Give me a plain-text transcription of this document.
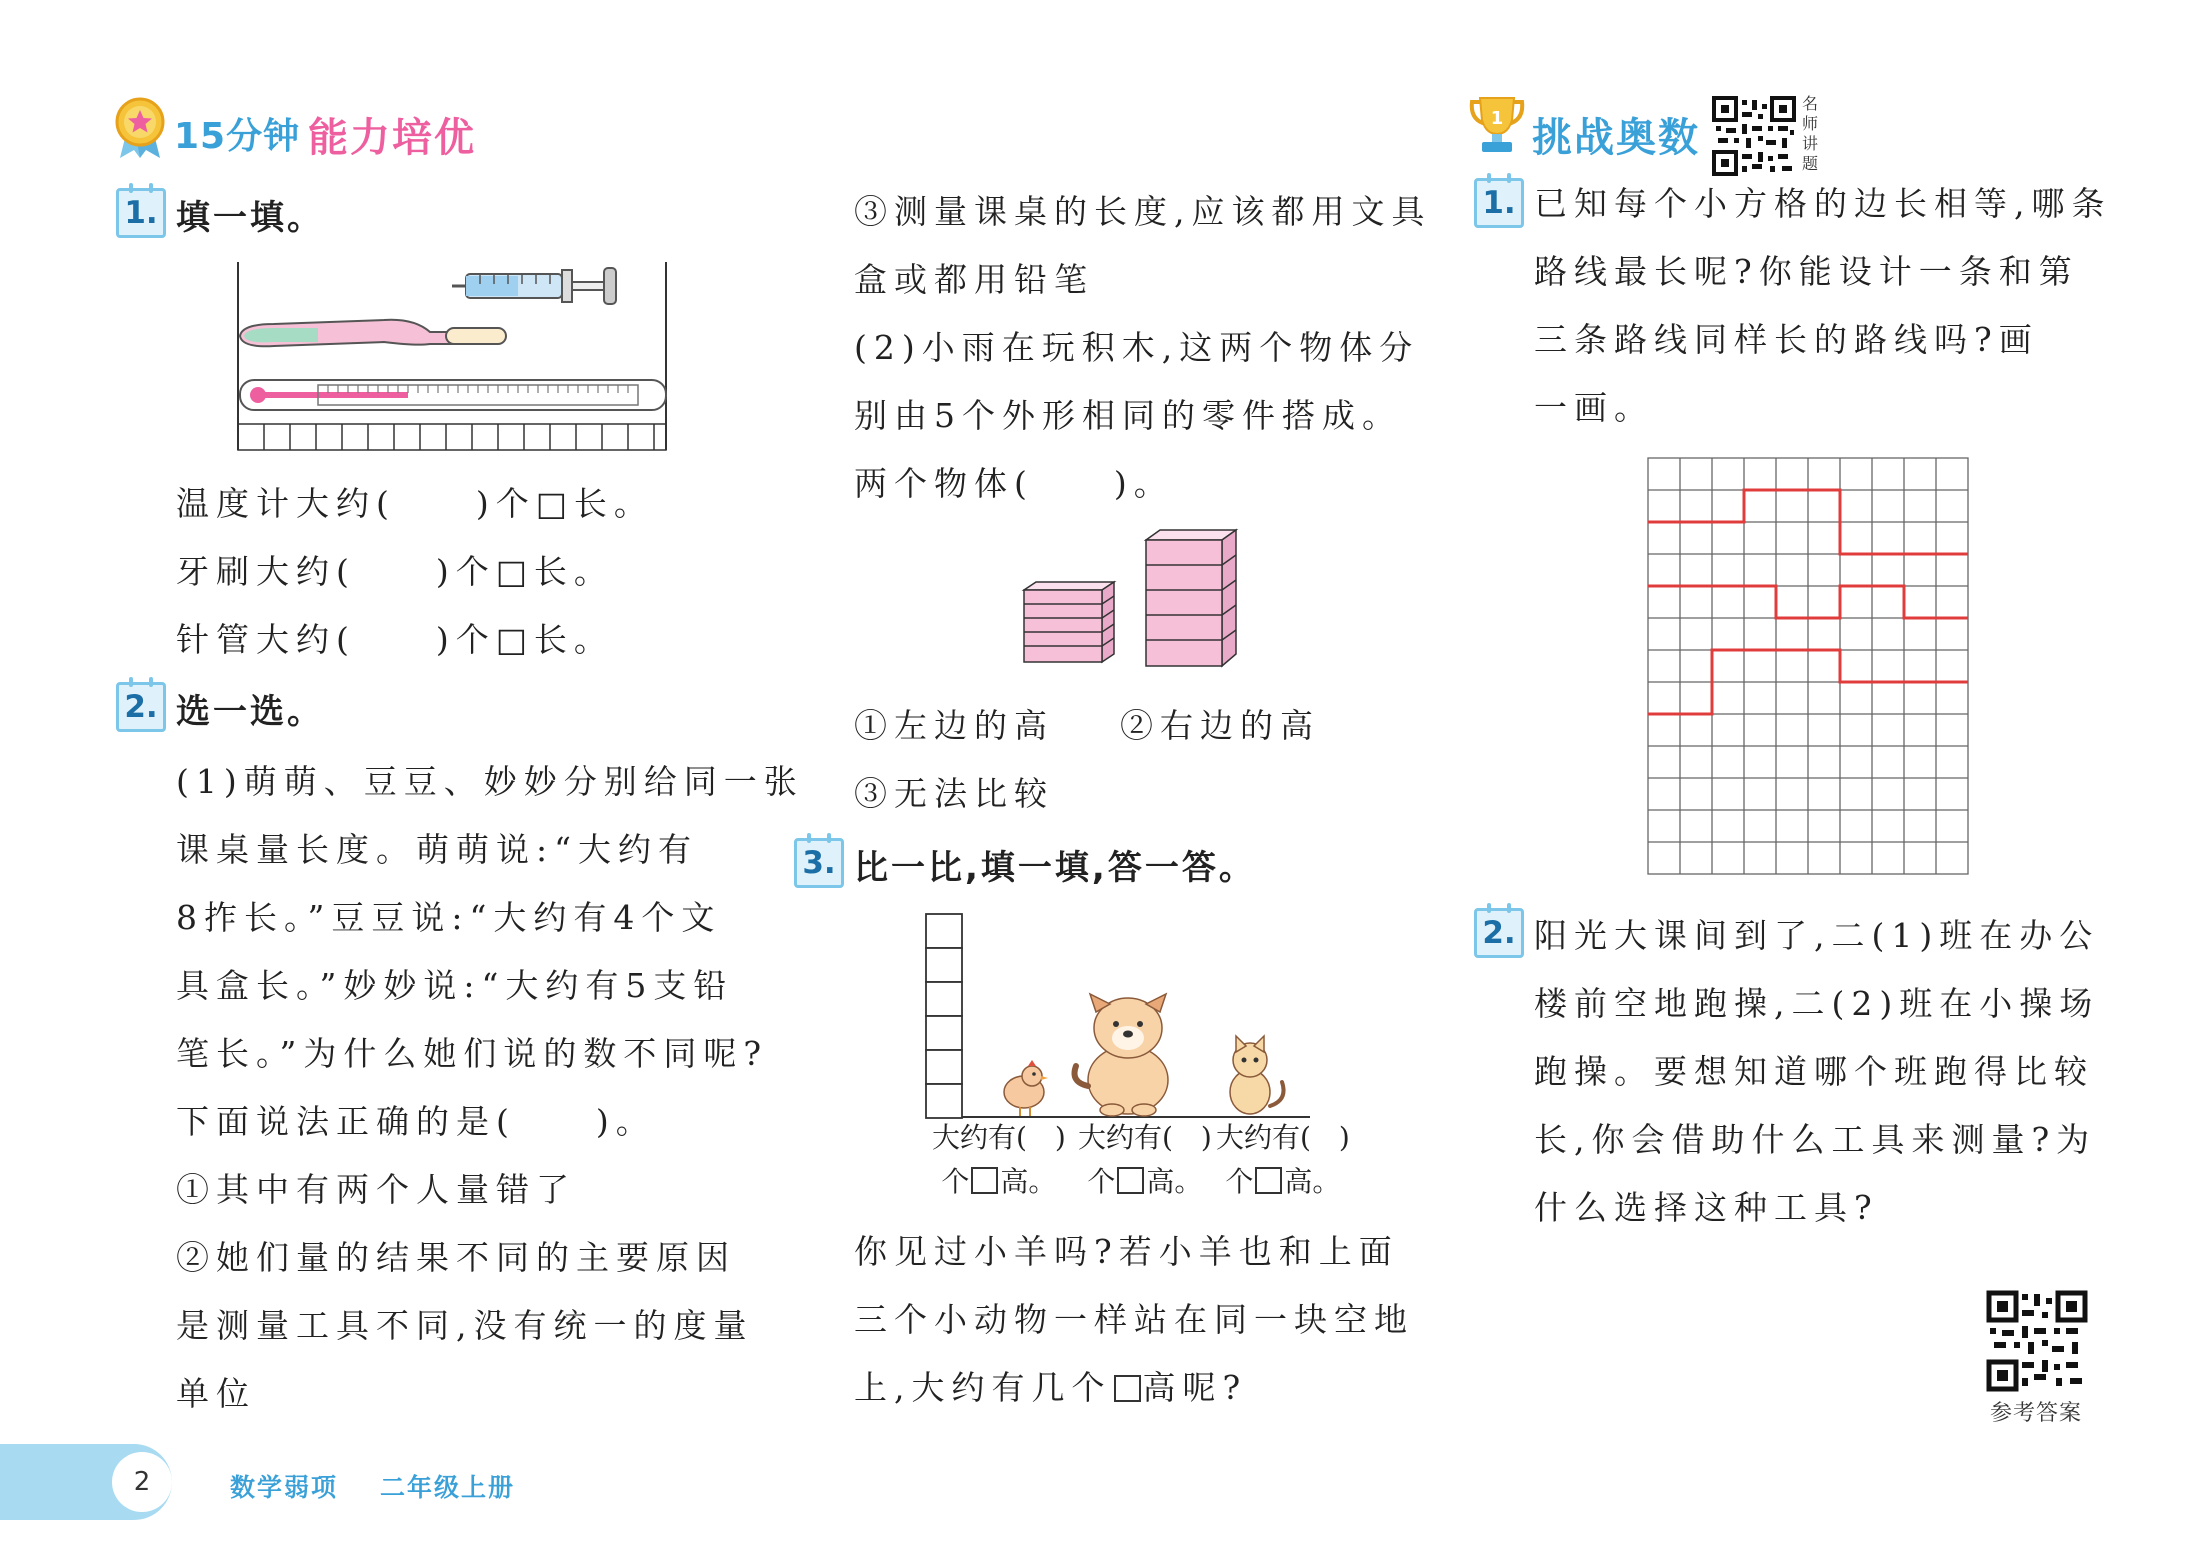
15分钟 能力培优	1 挑战奥数
名师讲题
1. 填一填。
温度计大约(　　)个□长。
牙刷大约(　　)个□长。
针管大约(　　)个□长。
2. 选一选。
(1)萌萌、豆豆、妙妙分别给同一张
课桌量长度。萌萌说:“大约有
8拃长。”豆豆说:“大约有4个文
具盒长。”妙妙说:“大约有5支铅
笔长。”为什么她们说的数不同呢?
下面说法正确的是(　　)。
①其中有两个人量错了
②她们量的结果不同的主要原因
是测量工具不同,没有统一的度量
单位
③测量课桌的长度,应该都用文具
盒或都用铅笔
(2)小雨在玩积木,这两个物体分
别由5个外形相同的零件搭成。
两个物体(　　)。
①左边的高 ②右边的高
③无法比较
3. 比一比,填一填,答一答。
大约有(　)
个 高。
大约有(　)
个 高。
大约有(　)
个 高。
你见过小羊吗?若小羊也和上面
三个小动物一样站在同一块空地
上,大约有几个 高呢?
1. 已知每个小方格的边长相等,哪条
路线最长呢?你能设计一条和第
三条路线同样长的路线吗?画
一画。
2. 阳光大课间到了,二(1)班在办公
楼前空地跑操,二(2)班在小操场
跑操。要想知道哪个班跑得比较
长,你会借助什么工具来测量?为
什么选择这种工具?
参考答案
2	数学弱项 二年级上册
